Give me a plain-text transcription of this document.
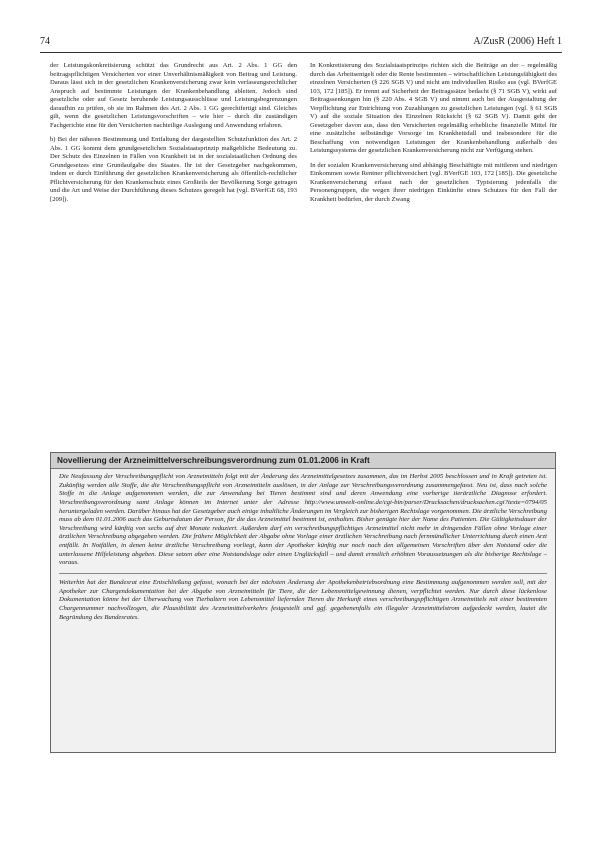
74	A/ZusR (2006) Heft 1

der Leistungskonkretisierung schützt das Grundrecht aus Art. 2 Abs. 1 GG den beitragspflichtigen Versicherten vor einer Unverhältnismäßigkeit von Beitrag und Leistung. Daraus lässt sich in der gesetzlichen Krankenversicherung zwar kein verfassungsrechtlicher Anspruch auf bestimmte Leistungen der Krankenbehandlung ableiten. Jedoch sind gesetzliche oder auf Gesetz beruhende Leistungsausschlüsse und Leistungsbegrenzungen daraufhin zu prüfen, ob sie im Rahmen des Art. 2 Abs. 1 GG gerechtfertigt sind. Gleiches gilt, wenn die gesetzlichen Leistungsvorschriften – wie hier – durch die zuständigen Fachgerichte eine für den Versicherten nachteilige Auslegung und Anwendung erfahren.

b) Bei der näheren Bestimmung und Entfaltung der dargestellten Schutzfunktion des Art. 2 Abs. 1 GG kommt dem grundgesetzlichen Sozialstaatsprinzip maßgebliche Bedeutung zu. Der Schutz des Einzelnen in Fällen von Krankheit ist in der sozialstaatlichen Ordnung des Grundgesetzes eine Grundaufgabe des Staates. Ihr ist der Gesetzgeber nachgekommen, indem er durch Einführung der gesetzlichen Krankenversicherung als öffentlich-rechtlicher Pflichtversicherung für den Krankenschutz eines Großteils der Bevölkerung Sorge getragen und die Art und Weise der Durchführung dieses Schutzes geregelt hat (vgl. BVerfGE 68, 193 [209]).

In Konkretisierung des Sozialstaatsprinzips richten sich die Beiträge an der – regelmäßig durch das Arbeitsentgelt oder die Rente bestimmten – wirtschaftlichen Leistungsfähigkeit des einzelnen Versicherten (§ 226 SGB V) und nicht am individuellen Risiko aus (vgl. BVerfGE 103, 172 [185]). Er trennt auf Sicherheit der Beitragssätze bedacht (§ 71 SGB V), wirkt auf Beitragssenkungen hin (§ 220 Abs. 4 SGB V) und nimmt auch bei der Ausgestaltung der Verpflichtung zur Entrichtung von Zuzahlungen zu gesetzlichen Leistungen (vgl. § 61 SGB V) auf die soziale Situation des Einzelnen Rücksicht (§ 62 SGB V). Damit geht der Gesetzgeber davon aus, dass den Versicherten regelmäßig erhebliche finanzielle Mittel für eine zusätzliche selbständige Vorsorge im Krankheitsfall und insbesondere für die Beschaffung von notwendigen Leistungen der Krankenbehandlung außerhalb des Leistungssystems der gesetzlichen Krankenversicherung nicht zur Verfügung stehen.

In der sozialen Krankenversicherung sind abhängig Beschäftigte mit mittleren und niedrigen Einkommen sowie Rentner pflichtversichert (vgl. BVerfGE 103, 172 [185]). Die gesetzliche Krankenversicherung erfasst nach der gesetzlichen Typisierung jedenfalls die Personengruppen, die wegen ihrer niedrigen Einkünfte eines Schutzes für den Fall der Krankheit bedürfen, der durch Zwang

Novellierung der Arzneimittelverschreibungsverordnung zum 01.01.2006 in Kraft

Die Neufassung der Verschreibungspflicht von Arzneimitteln folgt mit der Änderung des Arzneimittelgesetzes zusammen, das im Herbst 2005 beschlossen und in Kraft getreten ist. Zukünftig werden alle Stoffe, die die Verschreibungspflicht von Arzneimitteln auslösen, in der Anlage zur Verschreibungsverordnung zusammengefasst. Neu ist, dass nach solche Stoffe in die Anlage aufgenommen werden, die zur Anwendung bei Tieren bestimmt sind und deren Anwendung eine vorherige tierärztliche Diagnose erfordert. Verschreibungsverordnung samt Anlage können im Internet unter der Adresse http://www.umwelt-online.de/cgi-bin/parser/Drucksachen/drucksachen.cgi?texte=0794/05 heruntergeladen werden. Darüber hinaus hat der Gesetzgeber auch einige inhaltliche Änderungen im Vergleich zur bisherigen Rechtslage vorgenommen. Die ärztliche Verschreibung muss ab dem 01.01.2006 auch das Geburtsdatum der Person, für die das Arzneimittel bestimmt ist, enthalten. Bisher genügte hier der Name des Patienten. Die Gültigkeitsdauer der Verschreibung wird künftig von sechs auf drei Monate reduziert. Außerdem darf ein verschreibungspflichtiges Arzneimittel nicht mehr in dringenden Fällen ohne Vorlage einer ärztlichen Verschreibung abgegeben werden. Die frühere Möglichkeit der Abgabe ohne Vorlage einer ärztlichen Verschreibung nach fernmündlicher Unterrichtung durch einen Arzt entfällt. In Notfällen, in denen keine ärztliche Verschreibung vorliegt, kann der Apotheker künftig nur noch nach den allgemeinen Vorschriften über den Notstand oder die unterlassene Hilfeleistung abgeben. Diese setzen aber eine Notstandslage oder einen Unglücksfall – und damit ernstlich erhöhten Voraussetzungen als die bisherige Rechtslage – voraus.

Weiterhin hat der Bundesrat eine Entschließung gefasst, wonach bei der nächsten Änderung der Apothekenbetriebsordnung eine Bestimmung aufgenommen werden soll, mit der Apotheker zur Chargendokumentation bei der Abgabe von Arzneimitteln für Tiere, die der Lebensmittelgewinnung dienen, verpflichtet werden. Nur durch diese lückenlose Dokumentation könne bei der Überwachung von Tierhaltern von Lebensmittel liefernden Tieren die Herkunft eines verschreibungspflichtigen Arzneimittels mit einer bestimmten Chargennummer nachvollzogen, die Plausibilität des Arzneimittelverkehrs festgestellt und ggf. gegebenenfalls ein illegaler Arzneimittelstrom aufgedeckt werden, lautet die Begründung des Bundesrates.
